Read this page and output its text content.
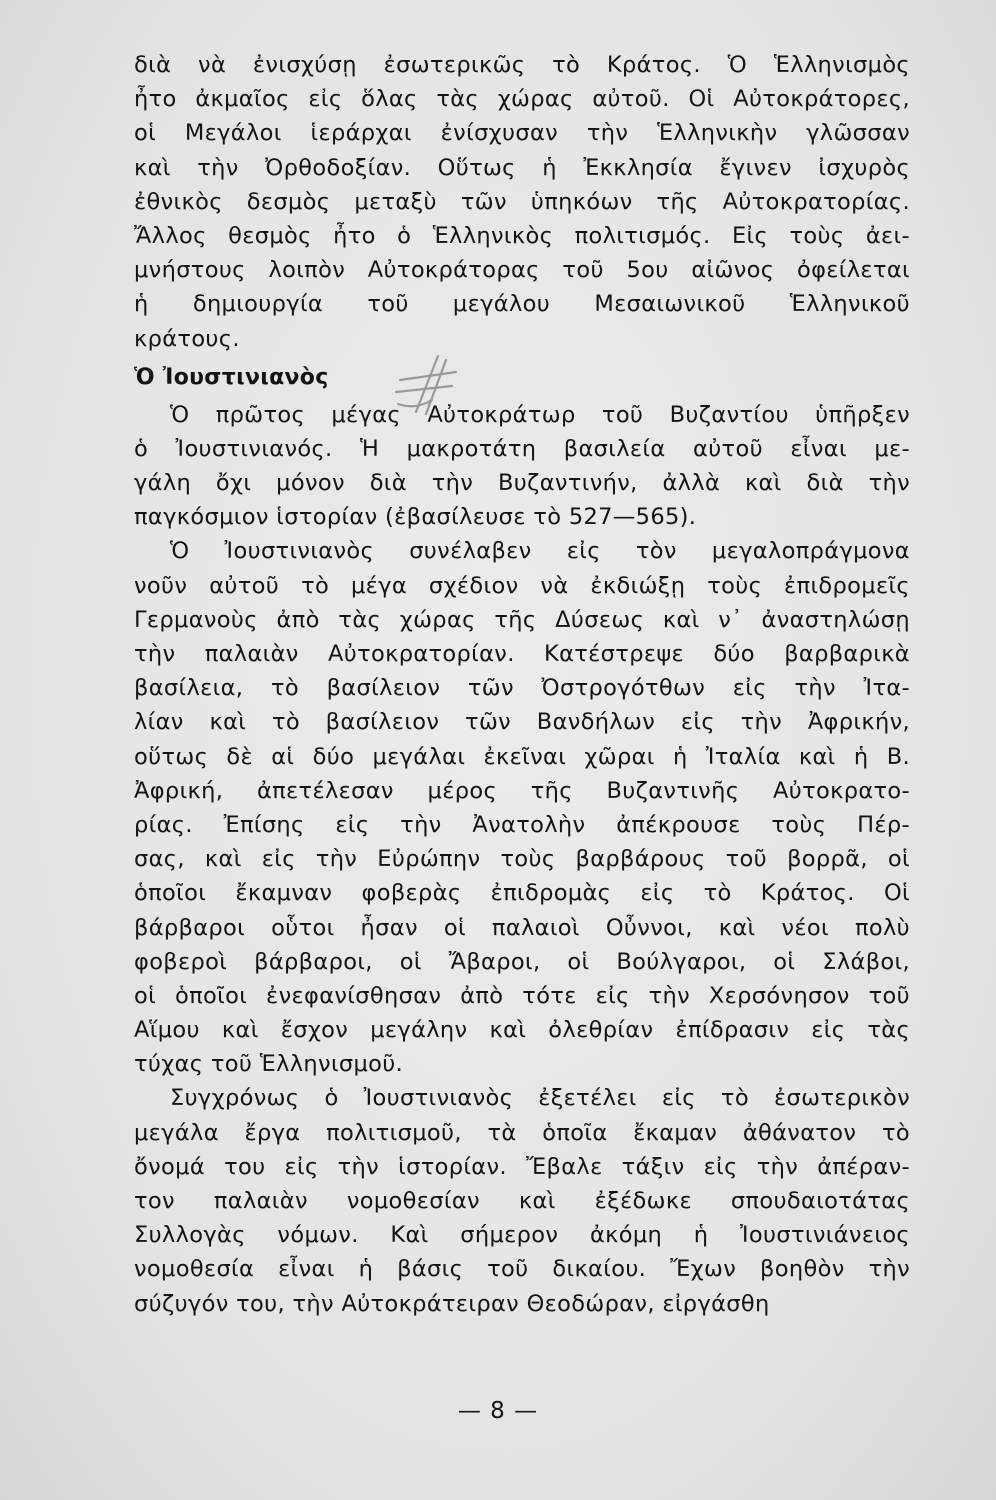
διὰ νὰ ἐνισχύσῃ ἐσωτερικῶς τὸ Κράτος. Ὁ Ἑλληνισμὸς
ἦτο ἀκμαῖος εἰς ὅλας τὰς χώρας αὐτοῦ. Οἱ Αὐτοκράτορες,
οἱ Μεγάλοι ἱεράρχαι ἐνίσχυσαν τὴν Ἑλληνικὴν γλῶσσαν
καὶ τὴν Ὀρθοδοξίαν. Οὕτως ἡ Ἐκκλησία ἔγινεν ἰσχυρὸς
ἐθνικὸς δεσμὸς μεταξὺ τῶν ὑπηκόων τῆς Αὐτοκρατορίας.
Ἄλλος θεσμὸς ἦτο ὁ Ἑλληνικὸς πολιτισμός. Εἰς τοὺς ἀει-
μνήστους λοιπὸν Αὐτοκράτορας τοῦ 5ου αἰῶνος ὀφείλεται
ἡ δημιουργία τοῦ μεγάλου Μεσαιωνικοῦ Ἑλληνικοῦ
κράτους.
Ὁ Ἰουστινιανὸς
Ὁ πρῶτος μέγας Αὐτοκράτωρ τοῦ Βυζαντίου ὑπῆρξεν
ὁ Ἰουστινιανός. Ἡ μακροτάτη βασιλεία αὐτοῦ εἶναι με-
γάλη ὄχι μόνον διὰ τὴν Βυζαντινήν, ἀλλὰ καὶ διὰ τὴν
παγκόσμιον ἱστορίαν (ἐβασίλευσε τὸ 527—565).
Ὁ Ἰουστινιανὸς συνέλαβεν εἰς τὸν μεγαλοπράγμονα
νοῦν αὐτοῦ τὸ μέγα σχέδιον νὰ ἐκδιώξῃ τοὺς ἐπιδρομεῖς
Γερμανοὺς ἀπὸ τὰς χώρας τῆς Δύσεως καὶ ν᾿ ἀναστηλώσῃ
τὴν παλαιὰν Αὐτοκρατορίαν. Κατέστρεψε δύο βαρβαρικὰ
βασίλεια, τὸ βασίλειον τῶν Ὀστρογότθων εἰς τὴν Ἰτα-
λίαν καὶ τὸ βασίλειον τῶν Βανδήλων εἰς τὴν Ἀφρικήν,
οὕτως δὲ αἱ δύο μεγάλαι ἐκεῖναι χῶραι ἡ Ἰταλία καὶ ἡ Β.
Ἀφρική, ἀπετέλεσαν μέρος τῆς Βυζαντινῆς Αὐτοκρατο-
ρίας. Ἐπίσης εἰς τὴν Ἀνατολὴν ἀπέκρουσε τοὺς Πέρ-
σας, καὶ εἰς τὴν Εὐρώπην τοὺς βαρβάρους τοῦ βορρᾶ, οἱ
ὁποῖοι ἔκαμναν φοβερὰς ἐπιδρομὰς εἰς τὸ Κράτος. Οἱ
βάρβαροι οὗτοι ἦσαν οἱ παλαιοὶ Οὖννοι, καὶ νέοι πολὺ
φοβεροὶ βάρβαροι, οἱ Ἄβαροι, οἱ Βούλγαροι, οἱ Σλάβοι,
οἱ ὁποῖοι ἐνεφανίσθησαν ἀπὸ τότε εἰς τὴν Χερσόνησον τοῦ
Αἵμου καὶ ἔσχον μεγάλην καὶ ὀλεθρίαν ἐπίδρασιν εἰς τὰς
τύχας τοῦ Ἑλληνισμοῦ.
Συγχρόνως ὁ Ἰουστινιανὸς ἐξετέλει εἰς τὸ ἐσωτερικὸν
μεγάλα ἔργα πολιτισμοῦ, τὰ ὁποῖα ἔκαμαν ἀθάνατον τὸ
ὄνομά του εἰς τὴν ἱστορίαν. Ἔβαλε τάξιν εἰς τὴν ἀπέραν-
τον παλαιὰν νομοθεσίαν καὶ ἐξέδωκε σπουδαιοτάτας
Συλλογὰς νόμων. Καὶ σήμερον ἀκόμη ἡ Ἰουστινιάνειος
νομοθεσία εἶναι ἡ βάσις τοῦ δικαίου. Ἔχων βοηθὸν τὴν
σύζυγόν του, τὴν Αὐτοκράτειραν Θεοδώραν, εἰργάσθη
— 8 —
